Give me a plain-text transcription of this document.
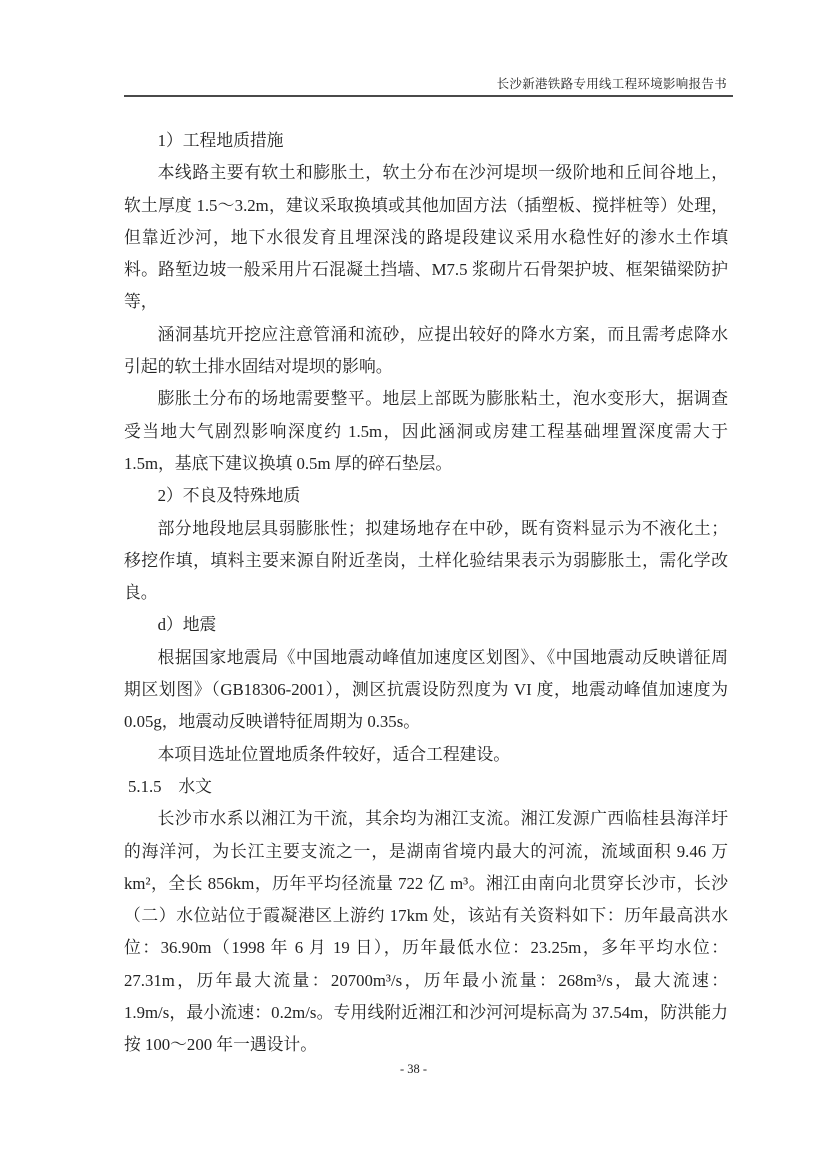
长沙新港铁路专用线工程环境影响报告书
1）工程地质措施
本线路主要有软土和膨胀土，软土分布在沙河堤坝一级阶地和丘间谷地上，
软土厚度 1.5～3.2m，建议采取换填或其他加固方法（插塑板、搅拌桩等）处理，
但靠近沙河，地下水很发育且埋深浅的路堤段建议采用水稳性好的渗水土作填
料。路堑边坡一般采用片石混凝土挡墙、M7.5 浆砌片石骨架护坡、框架锚梁防护
等，
涵洞基坑开挖应注意管涌和流砂，应提出较好的降水方案，而且需考虑降水
引起的软土排水固结对堤坝的影响。
膨胀土分布的场地需要整平。地层上部既为膨胀粘土，泡水变形大，据调查
受当地大气剧烈影响深度约 1.5m，因此涵洞或房建工程基础埋置深度需大于
1.5m，基底下建议换填 0.5m 厚的碎石垫层。
2）不良及特殊地质
部分地段地层具弱膨胀性；拟建场地存在中砂，既有资料显示为不液化土；
移挖作填，填料主要来源自附近垄岗，土样化验结果表示为弱膨胀土，需化学改
良。
d）地震
根据国家地震局《中国地震动峰值加速度区划图》、《中国地震动反映谱征周
期区划图》（GB18306-2001），测区抗震设防烈度为 VI 度，地震动峰值加速度为
0.05g，地震动反映谱特征周期为 0.35s。
本项目选址位置地质条件较好，适合工程建设。
5.1.5　水文
长沙市水系以湘江为干流，其余均为湘江支流。湘江发源广西临桂县海洋圩
的海洋河，为长江主要支流之一，是湖南省境内最大的河流，流域面积 9.46 万
km²，全长 856km，历年平均径流量 722 亿 m³。湘江由南向北贯穿长沙市，长沙
（二）水位站位于霞凝港区上游约 17km 处，该站有关资料如下：历年最高洪水
位：36.90m（1998 年 6 月 19 日），历年最低水位：23.25m，多年平均水位：
27.31m，历年最大流量：20700m³/s，历年最小流量：268m³/s，最大流速：
1.9m/s，最小流速：0.2m/s。专用线附近湘江和沙河河堤标高为 37.54m，防洪能力
按 100～200 年一遇设计。
- 38 -
